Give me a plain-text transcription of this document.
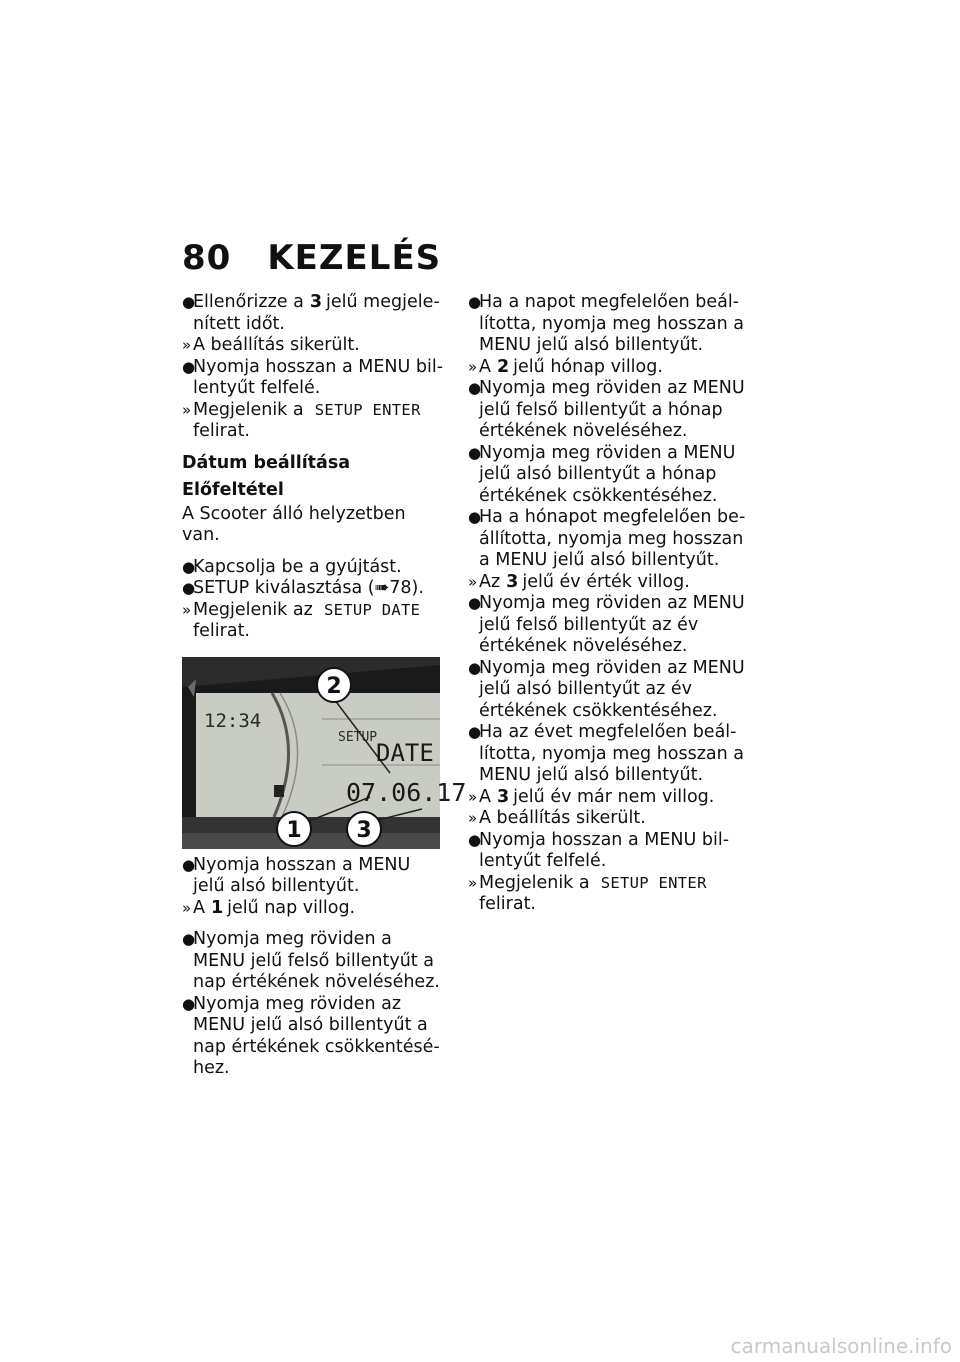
80 KEZELÉS
●
Ellenőrizze a 3 jelű megjelenített időt.
» A beállítás sikerült.
●
Nyomja hosszan a MENU billentyűt felfelé.
» Megjelenik a SETUP ENTER felirat.
Dátum beállítása
Előfeltétel
A Scooter álló helyzetben van.
●
Kapcsolja be a gyújtást.
●
SETUP kiválasztása (➠78).
» Megjelenik az SETUP DATE felirat.
12:34
SETUP
DATE
07.06.17
2
1 3
●
Nyomja hosszan a MENU jelű alsó billentyűt.
» A 1 jelű nap villog.
●
Nyomja meg röviden a MENU jelű felső billentyűt a nap értékének növeléséhez.
●
Nyomja meg röviden az MENU jelű alsó billentyűt a nap értékének csökkentéséhez.
●
Ha a napot megfelelően beállította, nyomja meg hosszan a MENU jelű alsó billentyűt.
» A 2 jelű hónap villog.
●
Nyomja meg röviden az MENU jelű felső billentyűt a hónap értékének növeléséhez.
●
Nyomja meg röviden a MENU jelű alsó billentyűt a hónap értékének csökkentéséhez.
●
Ha a hónapot megfelelően beállította, nyomja meg hosszan a MENU jelű alsó billentyűt.
» Az 3 jelű év érték villog.
●
Nyomja meg röviden az MENU jelű felső billentyűt az év értékének növeléséhez.
●
Nyomja meg röviden az MENU jelű alsó billentyűt az év értékének csökkentéséhez.
●
Ha az évet megfelelően beállította, nyomja meg hosszan a MENU jelű alsó billentyűt.
» A 3 jelű év már nem villog.
» A beállítás sikerült.
●
Nyomja hosszan a MENU billentyűt felfelé.
» Megjelenik a SETUP ENTER felirat.
carmanualsonline.info
